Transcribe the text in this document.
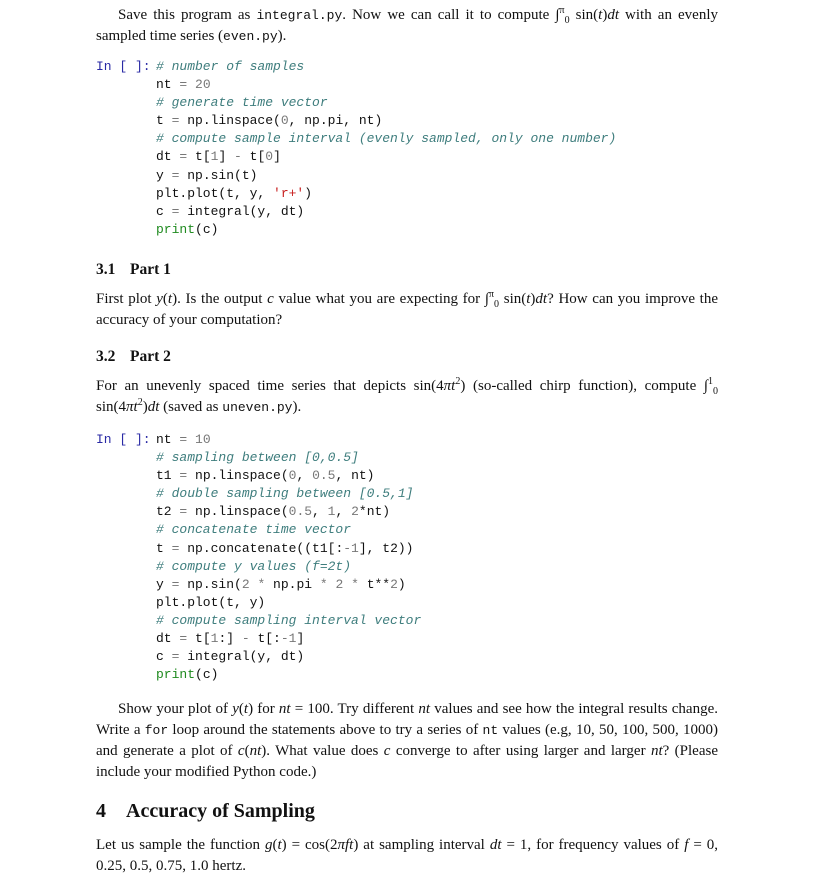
Save this program as integral.py. Now we can call it to compute ∫$^\pi_0$ sin(t)dt with an evenly sampled time series (even.py).

In [ ]: # number of samples
nt = 20
# generate time vector
t = np.linspace(0, np.pi, nt)
# compute sample interval (evenly sampled, only one number)
dt = t[1] - t[0]
y = np.sin(t)
plt.plot(t, y, 'r+')
c = integral(y, dt)
print(c)
3.1 Part 1

First plot y(t). Is the output c value what you are expecting for ∫$^\pi_0$ sin(t)dt? How can you improve the accuracy of your computation?

3.2 Part 2

For an unevenly spaced time series that depicts $\sin(4\pi t^2)$ (so-called chirp function), compute ∫$^1_0$ $\sin(4\pi t^2)dt$ (saved as uneven.py).

In [ ]: nt = 10
# sampling between [0,0.5]
t1 = np.linspace(0, 0.5, nt)
# double sampling between [0.5,1]
t2 = np.linspace(0.5, 1, 2*nt)
# concatenate time vector
t = np.concatenate((t1[:-1], t2))
# compute y values (f=2t)
y = np.sin(2 * np.pi * 2 * t**2)
plt.plot(t, y)
# compute sampling interval vector
dt = t[1:] - t[:-1]
c = integral(y, dt)
print(c)

Show your plot of y(t) for nt = 100. Try different nt values and see how the integral results change. Write a for loop around the statements above to try a series of nt values (e.g, 10, 50, 100, 500, 1000) and generate a plot of c(nt). What value does c converge to after using larger and larger nt? (Please include your modified Python code.)

4 Accuracy of Sampling

Let us sample the function g(t) = cos(2πft) at sampling interval dt = 1, for frequency values of f = 0, 0.25, 0.5, 0.75, 1.0 hertz.
